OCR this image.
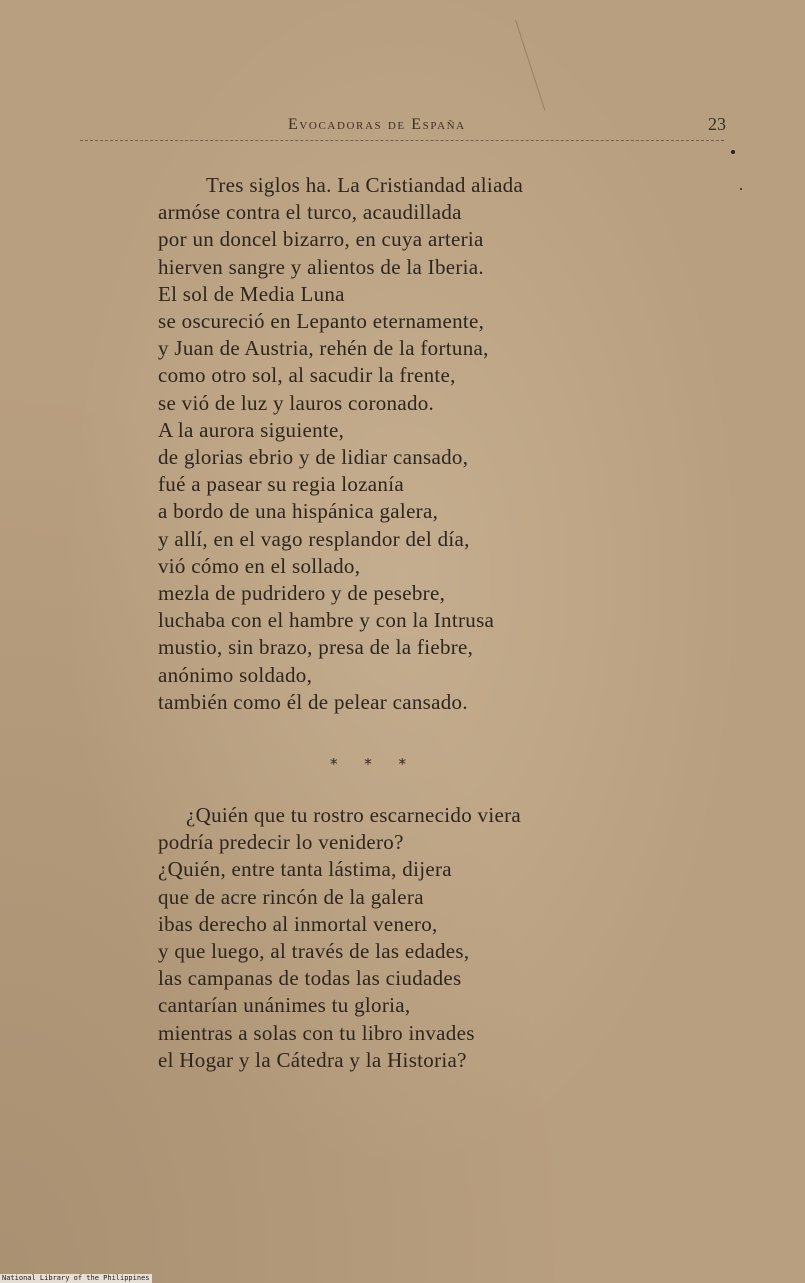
Evocadoras de España	23
Tres siglos ha. La Cristiandad aliada
armóse contra el turco, acaudillada
por un doncel bizarro, en cuya arteria
hierven sangre y alientos de la Iberia.
El sol de Media Luna
se oscureció en Lepanto eternamente,
y Juan de Austria, rehén de la fortuna,
como otro sol, al sacudir la frente,
se vió de luz y lauros coronado.
A la aurora siguiente,
de glorias ebrio y de lidiar cansado,
fué a pasear su regia lozanía
a bordo de una hispánica galera,
y allí, en el vago resplandor del día,
vió cómo en el sollado,
mezla de pudridero y de pesebre,
luchaba con el hambre y con la Intrusa
mustio, sin brazo, presa de la fiebre,
anónimo soldado,
también como él de pelear cansado.
* * *
¿Quién que tu rostro escarnecido viera
podría predecir lo venidero?
¿Quién, entre tanta lástima, dijera
que de acre rincón de la galera
ibas derecho al inmortal venero,
y que luego, al través de las edades,
las campanas de todas las ciudades
cantarían unánimes tu gloria,
mientras a solas con tu libro invades
el Hogar y la Cátedra y la Historia?
National Library of the Philippines
